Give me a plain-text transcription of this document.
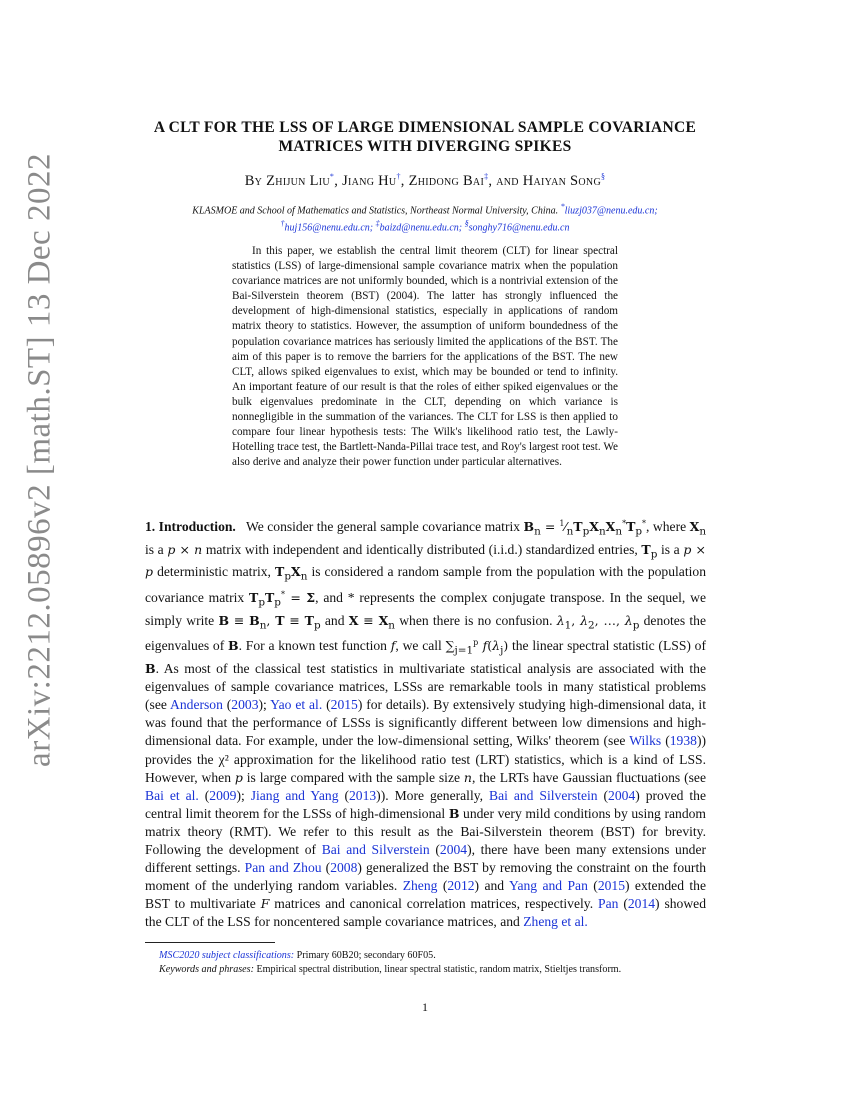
arXiv:2212.05896v2 [math.ST] 13 Dec 2022
A CLT FOR THE LSS OF LARGE DIMENSIONAL SAMPLE COVARIANCE
MATRICES WITH DIVERGING SPIKES
By Zhijun Liu*, Jiang Hu†, Zhidong Bai‡, and Haiyan Song§
KLASMOE and School of Mathematics and Statistics, Northeast Normal University, China. *liuzj037@nenu.edu.cn;
†huj156@nenu.edu.cn; ‡baizd@nenu.edu.cn; §songhy716@nenu.edu.cn

In this paper, we establish the central limit theorem (CLT) for linear spectral statistics (LSS) of large-dimensional sample covariance matrix when the population covariance matrices are not uniformly bounded, which is a nontrivial extension of the Bai-Silverstein theorem (BST) (2004). The latter has strongly influenced the development of high-dimensional statistics, especially in applications of random matrix theory to statistics. However, the assumption of uniform boundedness of the population covariance matrices has seriously limited the applications of the BST. The aim of this paper is to remove the barriers for the applications of the BST. The new CLT, allows spiked eigenvalues to exist, which may be bounded or tend to infinity. An important feature of our result is that the roles of either spiked eigenvalues or the bulk eigenvalues predominate in the CLT, depending on which variance is nonnegligible in the summation of the variances. The CLT for LSS is then applied to compare four linear hypothesis tests: The Wilk's likelihood ratio test, the Lawly-Hotelling trace test, the Bartlett-Nanda-Pillai trace test, and Roy's largest root test. We also derive and analyze their power function under particular alternatives.

1. Introduction. We consider the general sample covariance matrix $B_n$ = $^1⁄_nT_pX_nX_n^*T_p^*$, where $X_n$ is a p × n matrix with independent and identically distributed (i.i.d.) standardized entries, $T_p$ is a p × p deterministic matrix, $T_pX_n$ is considered a random sample from the population with the population covariance matrix $T_pT_p^* = \Sigma$, and * represents the complex conjugate transpose. In the sequel, we simply write $B \equiv B_n$, $T \equiv T_p$ and $X \equiv X_n$ when there is no confusion. $\lambda_1$, $\lambda_2$, …, $\lambda_p$ denotes the eigenvalues of B. For a known test function f, we call $\sum_{j=1}^p$ $f(\lambda_j)$ the linear spectral statistic (LSS) of B. As most of the classical test statistics in multivariate statistical analysis are associated with the eigenvalues of sample covariance matrices, LSSs are remarkable tools in many statistical problems (see Anderson (2003); Yao et al. (2015) for details). By extensively studying high-dimensional data, it was found that the performance of LSSs is significantly different between low dimensions and high-dimensional data. For example, under the low-dimensional setting, Wilks' theorem (see Wilks (1938)) provides the χ² approximation for the likelihood ratio test (LRT) statistics, which is a kind of LSS. However, when p is large compared with the sample size n, the LRTs have Gaussian fluctuations (see Bai et al. (2009); Jiang and Yang (2013)). More generally, Bai and Silverstein (2004) proved the central limit theorem for the LSSs of high-dimensional B under very mild conditions by using random matrix theory (RMT). We refer to this result as the Bai-Silverstein theorem (BST) for brevity. Following the development of Bai and Silverstein (2004), there have been many extensions under different settings. Pan and Zhou (2008) generalized the BST by removing the constraint on the fourth moment of the underlying random variables. Zheng (2012) and Yang and Pan (2015) extended the BST to multivariate F matrices and canonical correlation matrices, respectively. Pan (2014) showed the CLT of the LSS for noncentered sample covariance matrices, and Zheng et al.

MSC2020 subject classifications: Primary 60B20; secondary 60F05.

Keywords and phrases: Empirical spectral distribution, linear spectral statistic, random matrix, Stieltjes transform.

1
